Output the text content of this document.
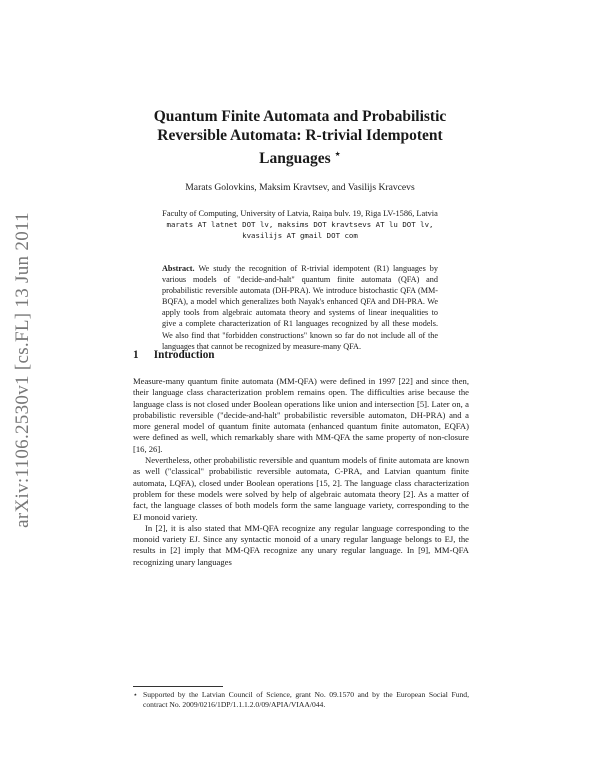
arXiv:1106.2530v1 [cs.FL] 13 Jun 2011
Quantum Finite Automata and Probabilistic
Reversible Automata: R-trivial Idempotent
Languages ⋆
Marats Golovkins, Maksim Kravtsev, and Vasilijs Kravcevs
Faculty of Computing, University of Latvia, Raiņa bulv. 19, Riga LV-1586, Latvia
marats AT latnet DOT lv, maksims DOT kravtsevs AT lu DOT lv,
kvasilijs AT gmail DOT com

Abstract. We study the recognition of R-trivial idempotent (R1) languages by various models of "decide-and-halt" quantum finite automata (QFA) and probabilistic reversible automata (DH-PRA). We introduce bistochastic QFA (MM-BQFA), a model which generalizes both Nayak's enhanced QFA and DH-PRA. We apply tools from algebraic automata theory and systems of linear inequalities to give a complete characterization of R1 languages recognized by all these models. We also find that "forbidden constructions" known so far do not include all of the languages that cannot be recognized by measure-many QFA.

1 Introduction

Measure-many quantum finite automata (MM-QFA) were defined in 1997 [22] and since then, their language class characterization problem remains open. The difficulties arise because the language class is not closed under Boolean operations like union and intersection [5]. Later on, a probabilistic reversible ("decide-and-halt" probabilistic reversible automaton, DH-PRA) and a more general model of quantum finite automata (enhanced quantum finite automaton, EQFA) were defined as well, which remarkably share with MM-QFA the same property of non-closure [16, 26].

Nevertheless, other probabilistic reversible and quantum models of finite automata are known as well ("classical" probabilistic reversible automata, C-PRA, and Latvian quantum finite automata, LQFA), closed under Boolean operations [15, 2]. The language class characterization problem for these models were solved by help of algebraic automata theory [2]. As a matter of fact, the language classes of both models form the same language variety, corresponding to the EJ monoid variety.

In [2], it is also stated that MM-QFA recognize any regular language corresponding to the monoid variety EJ. Since any syntactic monoid of a unary regular language belongs to EJ, the results in [2] imply that MM-QFA recognize any unary regular language. In [9], MM-QFA recognizing unary languages

⋆ Supported by the Latvian Council of Science, grant No. 09.1570 and by the European Social Fund, contract No. 2009/0216/1DP/1.1.1.2.0/09/APIA/VIAA/044.
